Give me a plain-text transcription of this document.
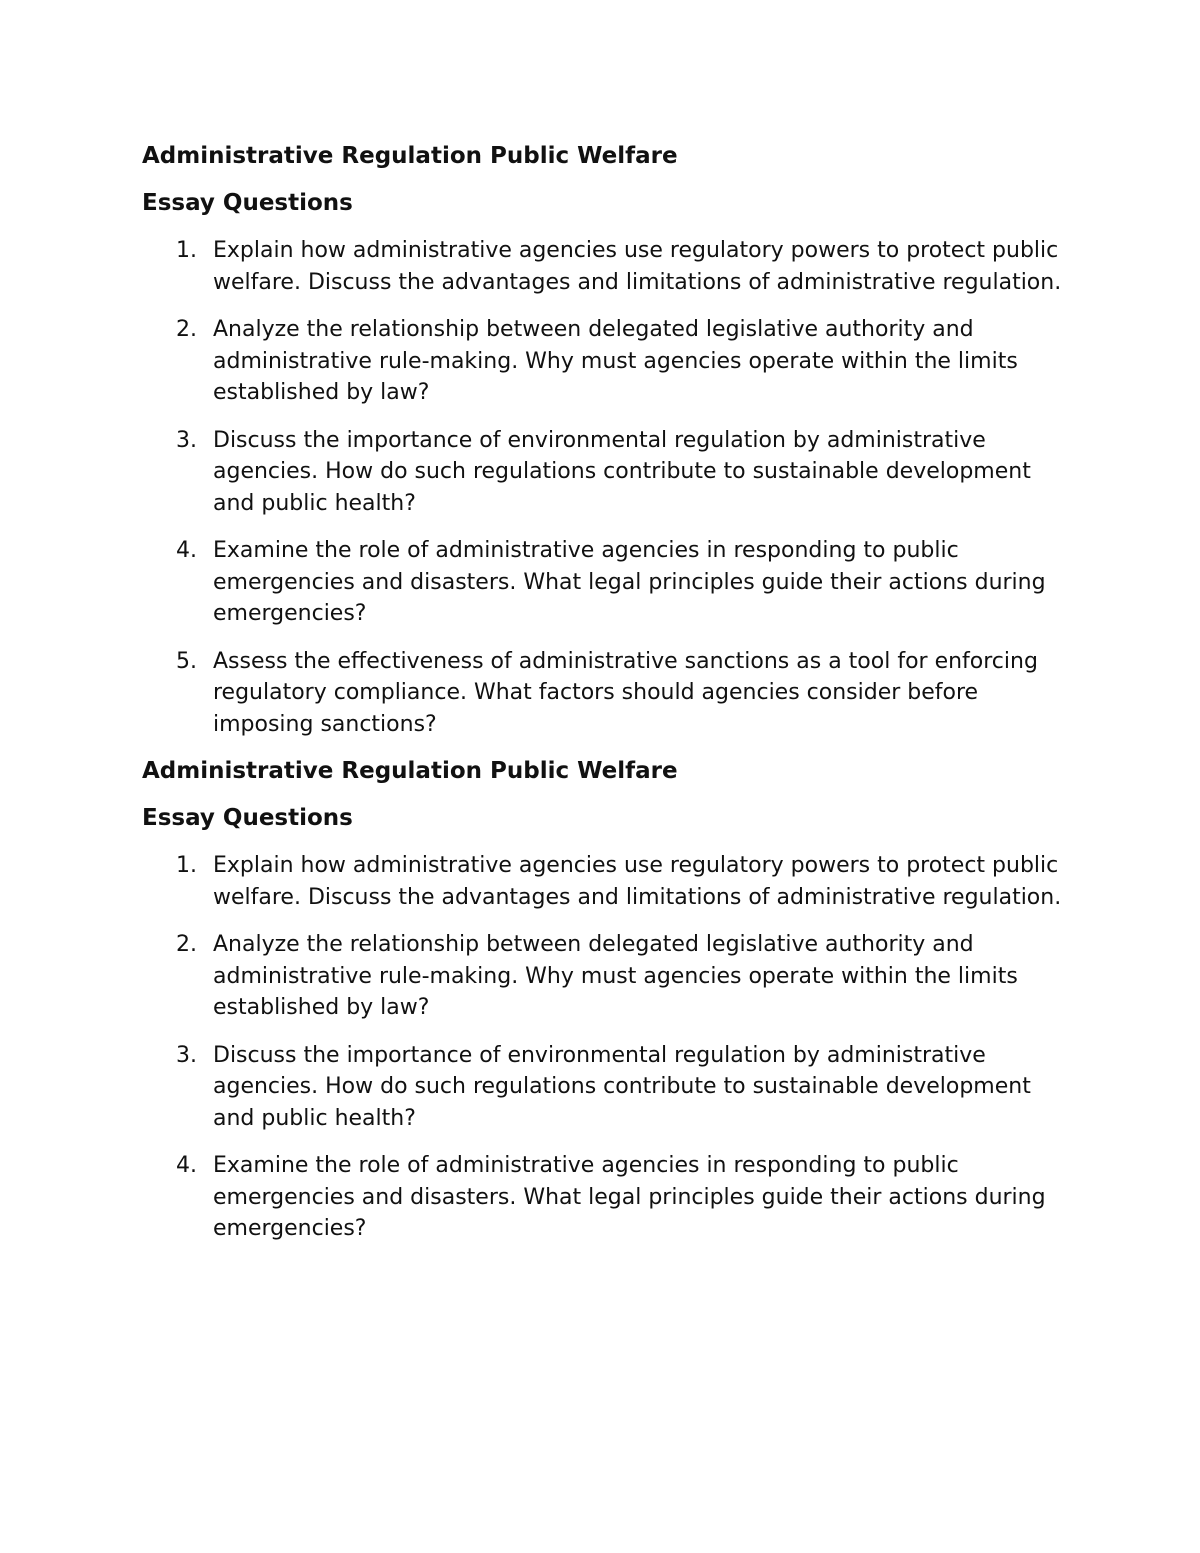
Administrative Regulation Public Welfare
Essay Questions
1. Explain how administrative agencies use regulatory powers to protect public welfare. Discuss the advantages and limitations of administrative regulation.
2. Analyze the relationship between delegated legislative authority and administrative rule-making. Why must agencies operate within the limits established by law?
3. Discuss the importance of environmental regulation by administrative agencies. How do such regulations contribute to sustainable development and public health?
4. Examine the role of administrative agencies in responding to public emergencies and disasters. What legal principles guide their actions during emergencies?
5. Assess the effectiveness of administrative sanctions as a tool for enforcing regulatory compliance. What factors should agencies consider before imposing sanctions?
Administrative Regulation Public Welfare
Essay Questions
1. Explain how administrative agencies use regulatory powers to protect public welfare. Discuss the advantages and limitations of administrative regulation.
2. Analyze the relationship between delegated legislative authority and administrative rule-making. Why must agencies operate within the limits established by law?
3. Discuss the importance of environmental regulation by administrative agencies. How do such regulations contribute to sustainable development and public health?
4. Examine the role of administrative agencies in responding to public emergencies and disasters. What legal principles guide their actions during emergencies?
